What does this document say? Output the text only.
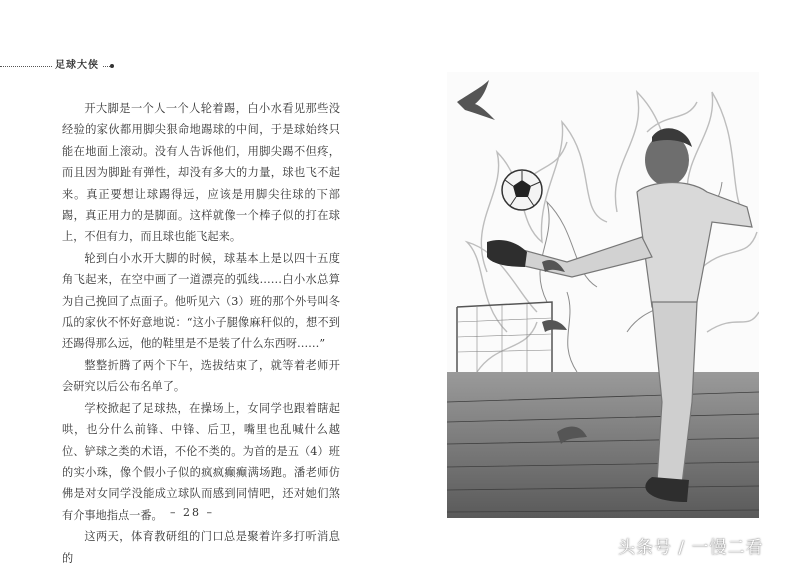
足球大侠

开大脚是一个人一个人轮着踢，白小水看见那些没经验的家伙都用脚尖狠命地踢球的中间，于是球始终只能在地面上滚动。没有人告诉他们，用脚尖踢不但疼，而且因为脚趾有弹性，却没有多大的力量，球也飞不起来。真正要想让球踢得远，应该是用脚尖往球的下部踢，真正用力的是脚面。这样就像一个棒子似的打在球上，不但有力，而且球也能飞起来。

轮到白小水开大脚的时候，球基本上是以四十五度角飞起来，在空中画了一道漂亮的弧线……白小水总算为自己挽回了点面子。他听见六（3）班的那个外号叫冬瓜的家伙不怀好意地说：“这小子腿像麻秆似的，想不到还踢得那么远，他的鞋里是不是装了什么东西呀……”

整整折腾了两个下午，选拔结束了，就等着老师开会研究以后公布名单了。

学校掀起了足球热，在操场上，女同学也跟着瞎起哄，也分什么前锋、中锋、后卫，嘴里也乱喊什么越位、铲球之类的术语，不伦不类的。为首的是五（4）班的实小珠，像个假小子似的疯疯癫癫满场跑。潘老师仿佛是对女同学没能成立球队而感到同情吧，还对她们煞有介事地指点一番。

这两天，体育教研组的门口总是聚着许多打听消息的

– 28 –
头条号 / 一慢二看
